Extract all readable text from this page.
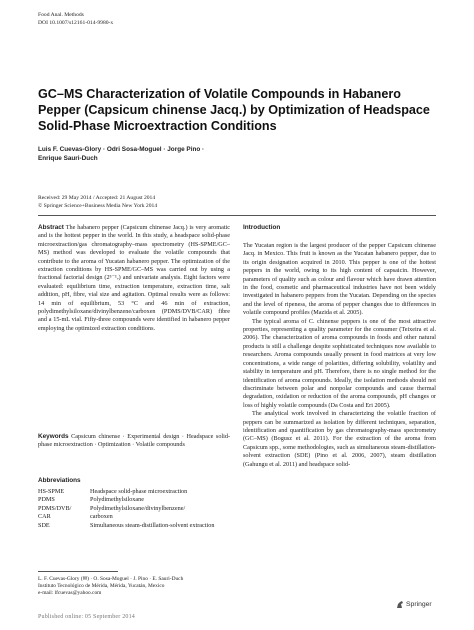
Food Anal. Methods
DOI 10.1007/s12161-014-9980-x
GC–MS Characterization of Volatile Compounds in Habanero Pepper (Capsicum chinense Jacq.) by Optimization of Headspace Solid-Phase Microextraction Conditions
Luis F. Cuevas-Glory · Odri Sosa-Moguel · Jorge Pino ·
Enrique Sauri-Duch
Received: 29 May 2014 / Accepted: 21 August 2014
© Springer Science+Business Media New York 2014
Abstract The habanero pepper (Capsicum chinense Jacq.) is very aromatic and is the hottest pepper in the world. In this study, a headspace solid-phase microextraction/gas chromatography–mass spectrometry (HS-SPME/GC–MS) method was developed to evaluate the volatile compounds that contribute to the aroma of Yucatan habanero pepper. The optimization of the extraction conditions by HS-SPME/GC–MS was carried out by using a fractional factorial design (2⁵⁻¹ᵥ) and univariate analysis. Eight factors were evaluated: equilibrium time, extraction temperature, extraction time, salt addition, pH, fibre, vial size and agitation. Optimal results were as follows: 14 min of equilibrium, 53 °C and 46 min of extraction, polydimethylsiloxane/divinylbenzene/carboxen (PDMS/DVB/CAR) fibre and a 15-mL vial. Fifty-three compounds were identified in habanero pepper employing the optimized extraction conditions.
Keywords Capsicum chinense · Experimental design · Headspace solid-phase microextraction · Optimization · Volatile compounds
Abbreviations
HS-SPME	Headspace solid-phase microextraction
PDMS	Polydimethylsiloxane
PDMS/DVB/	Polydimethylsiloxane/divinylbenzene/
CAR	carboxen
SDE	Simultaneous steam-distillation-solvent extraction
L. F. Cuevas-Glory (✉) · O. Sosa-Moguel · J. Pino · E. Sauri-Duch
Instituto Tecnológico de Mérida, Mérida, Yucatán, Mexico
e-mail: lfcuevas@yahoo.com
Introduction

The Yucatan region is the largest producer of the pepper Capsicum chinense Jacq. in Mexico. This fruit is known as the Yucatan habanero pepper, due to its origin designation acquired in 2010. This pepper is one of the hottest peppers in the world, owing to its high content of capsaicin. However, parameters of quality such as colour and flavour which have drawn attention in the food, cosmetic and pharmaceutical industries have not been widely investigated in habanero peppers from the Yucatan. Depending on the species and the level of ripeness, the aroma of pepper changes due to differences in volatile compound profiles (Mazida et al. 2005).

The typical aroma of C. chinense peppers is one of the most attractive properties, representing a quality parameter for the consumer (Teixeira et al. 2006). The characterization of aroma compounds in foods and other natural products is still a challenge despite sophisticated techniques now available to researchers. Aroma compounds usually present in food matrices at very low concentrations, a wide range of polarities, differing solubility, volatility and stability in temperature and pH. Therefore, there is no single method for the identification of aroma compounds. Ideally, the isolation methods should not discriminate between polar and nonpolar compounds and cause thermal degradation, oxidation or reduction of the aroma compounds, pH changes or loss of highly volatile compounds (Da Costa and Eri 2005).

The analytical work involved in characterizing the volatile fraction of peppers can be summarized as isolation by different techniques, separation, identification and quantification by gas chromatography-mass spectrometry (GC–MS) (Bogusz et al. 2011). For the extraction of the aroma from Capsicum spp., some methodologies, such as simultaneous steam-distillation-solvent extraction (SDE) (Pino et al. 2006, 2007), steam distillation (Gahungu et al. 2011) and headspace solid-

Springer
Published online: 05 September 2014
